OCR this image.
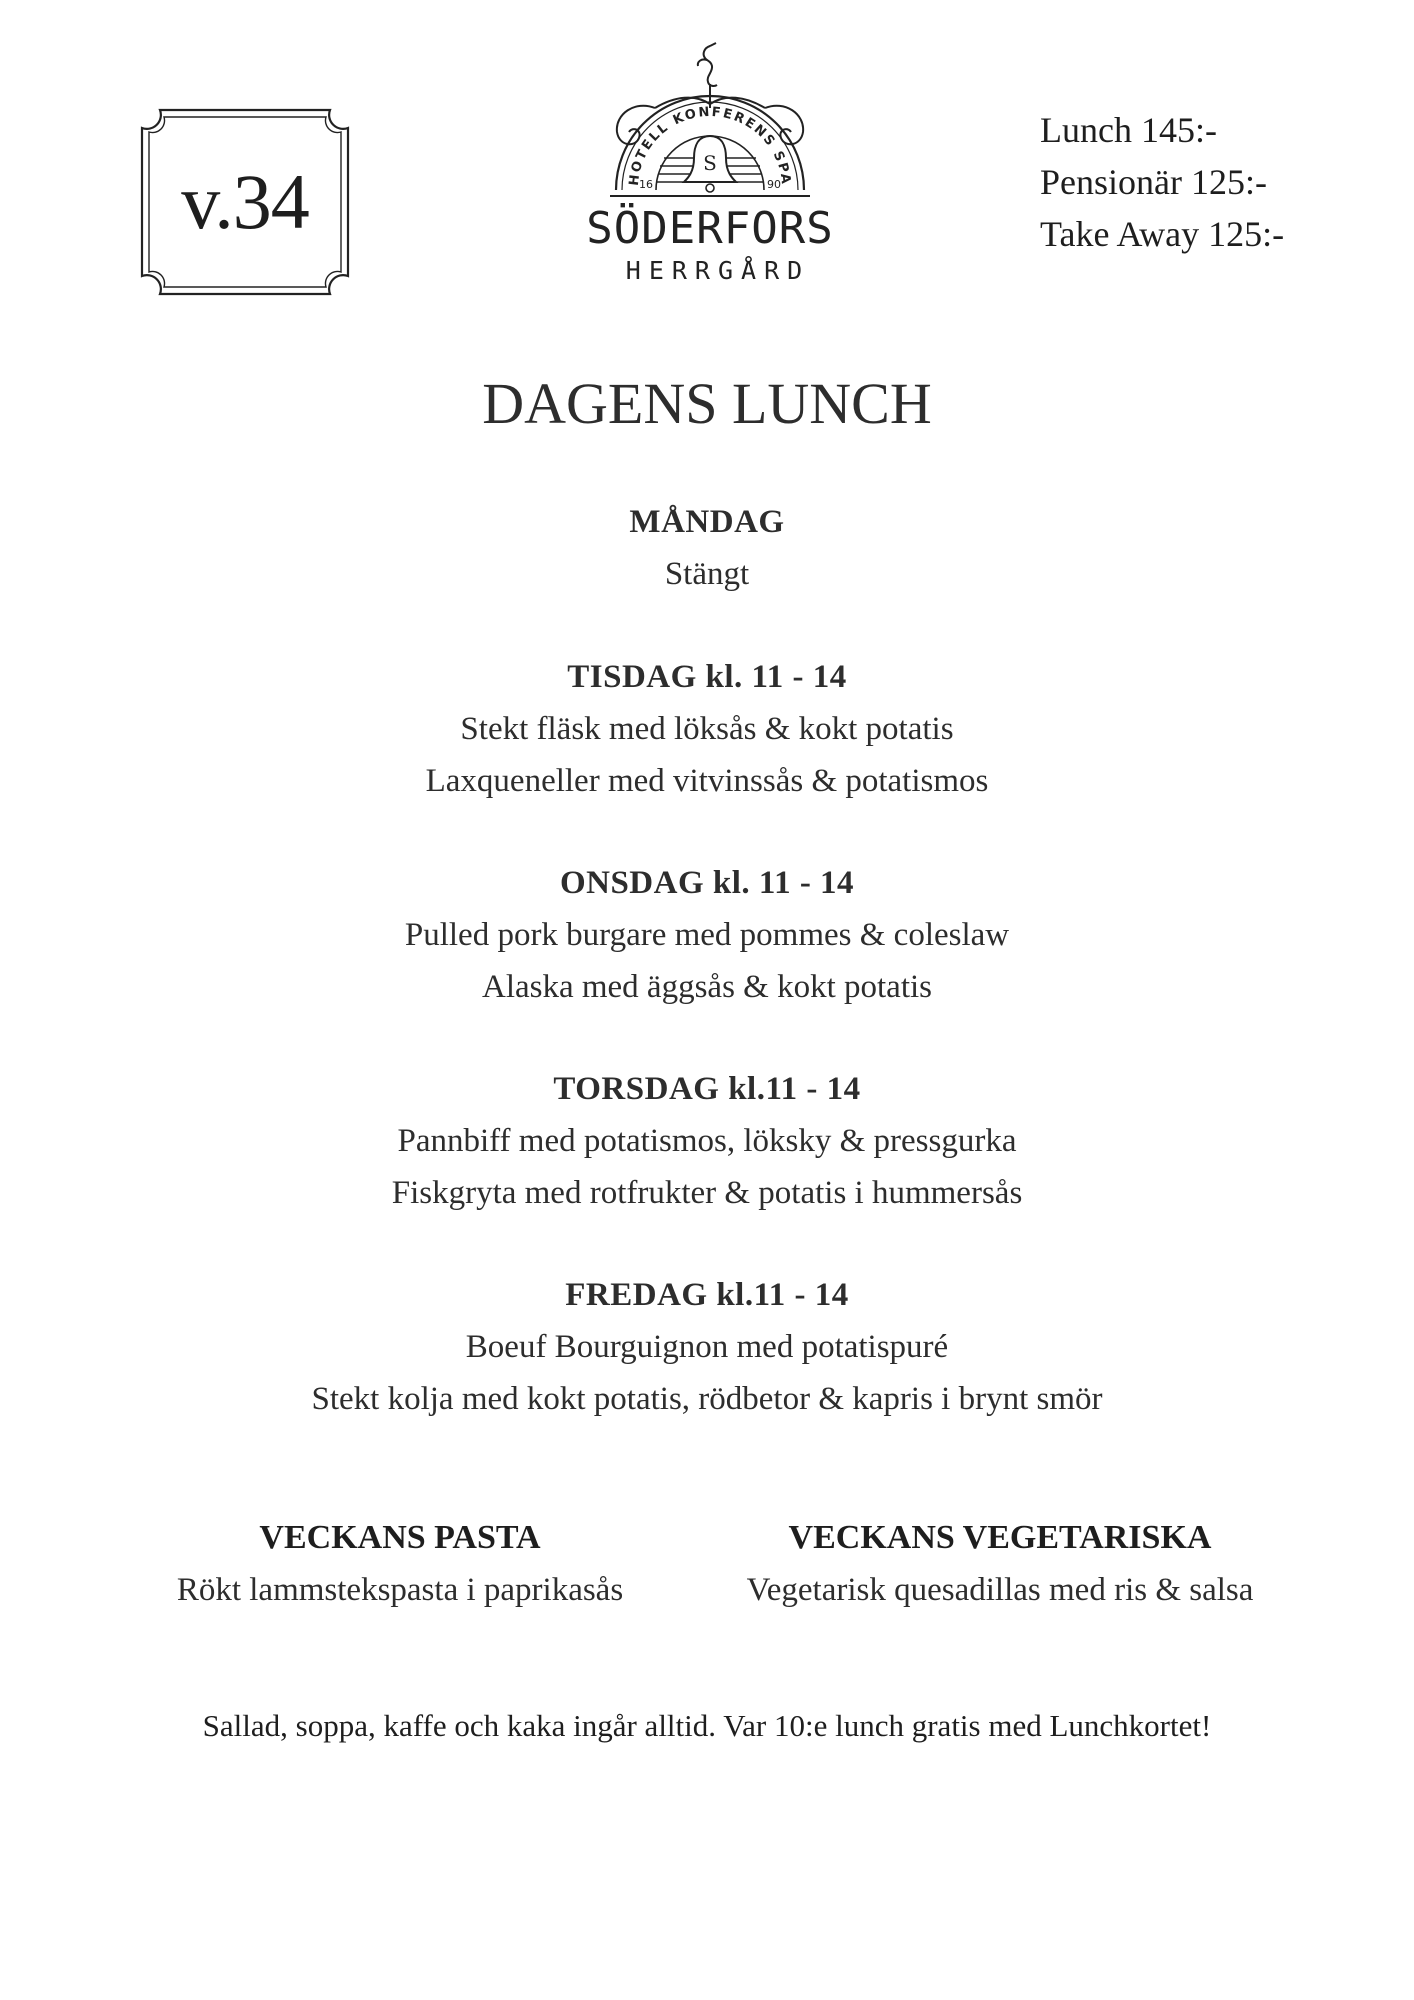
v.34	HOTELL KONFERENS SPA
S
16	90
SÖDERFORS
HERRGÅRD
Lunch 145:-
Pensionär 125:-
Take Away 125:-
DAGENS LUNCH
MÅNDAG
Stängt
TISDAG kl. 11 - 14
Stekt fläsk med löksås & kokt potatis
Laxqueneller med vitvinssås & potatismos
ONSDAG kl. 11 - 14
Pulled pork burgare med pommes & coleslaw
Alaska med äggsås & kokt potatis
TORSDAG kl.11 - 14
Pannbiff med potatismos, löksky & pressgurka
Fiskgryta med rotfrukter & potatis i hummersås
FREDAG kl.11 - 14
Boeuf Bourguignon med potatispuré
Stekt kolja med kokt potatis, rödbetor & kapris i brynt smör
VECKANS PASTA
Rökt lammstekspasta i paprikasås
VECKANS VEGETARISKA
Vegetarisk quesadillas med ris & salsa
Sallad, soppa, kaffe och kaka ingår alltid. Var 10:e lunch gratis med Lunchkortet!
